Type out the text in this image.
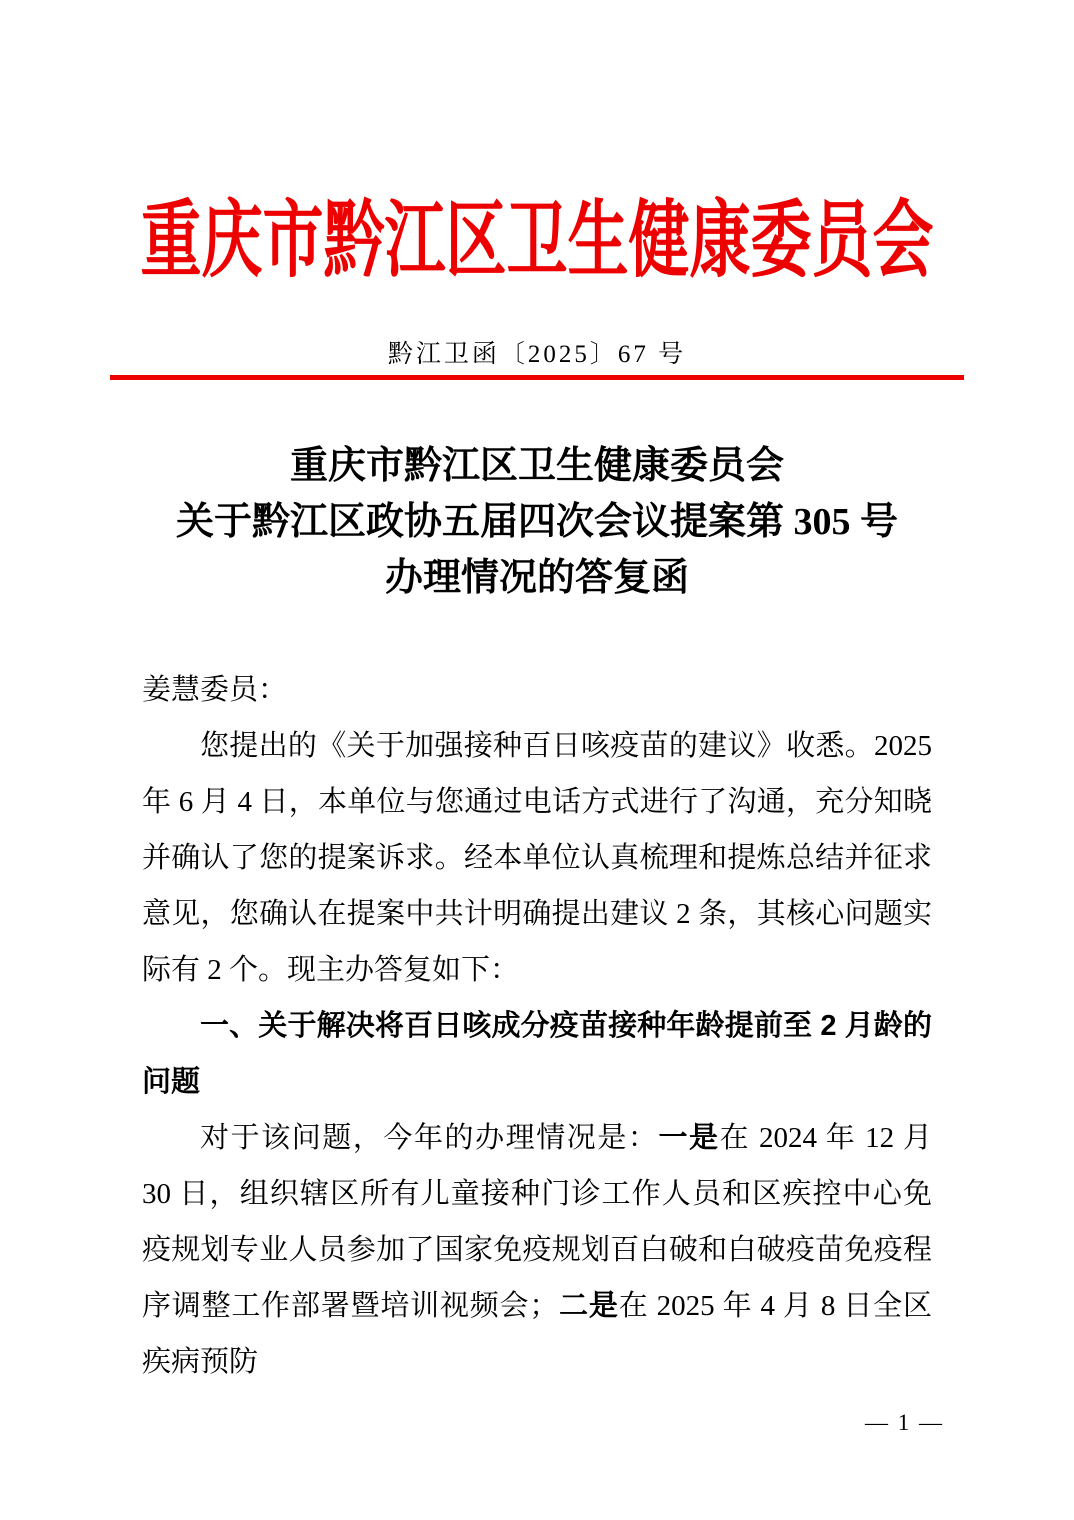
重庆市黔江区卫生健康委员会
黔江卫函〔2025〕67 号
重庆市黔江区卫生健康委员会
关于黔江区政协五届四次会议提案第 305 号
办理情况的答复函

姜慧委员：

您提出的《关于加强接种百日咳疫苗的建议》收悉。2025 年 6 月 4 日，本单位与您通过电话方式进行了沟通，充分知晓并确认了您的提案诉求。经本单位认真梳理和提炼总结并征求意见，您确认在提案中共计明确提出建议 2 条，其核心问题实际有 2 个。现主办答复如下：

一、关于解决将百日咳成分疫苗接种年龄提前至 2 月龄的问题

对于该问题，今年的办理情况是：一是在 2024 年 12 月 30 日，组织辖区所有儿童接种门诊工作人员和区疾控中心免疫规划专业人员参加了国家免疫规划百白破和白破疫苗免疫程序调整工作部署暨培训视频会；二是在 2025 年 4 月 8 日全区疾病预防

— 1 —
